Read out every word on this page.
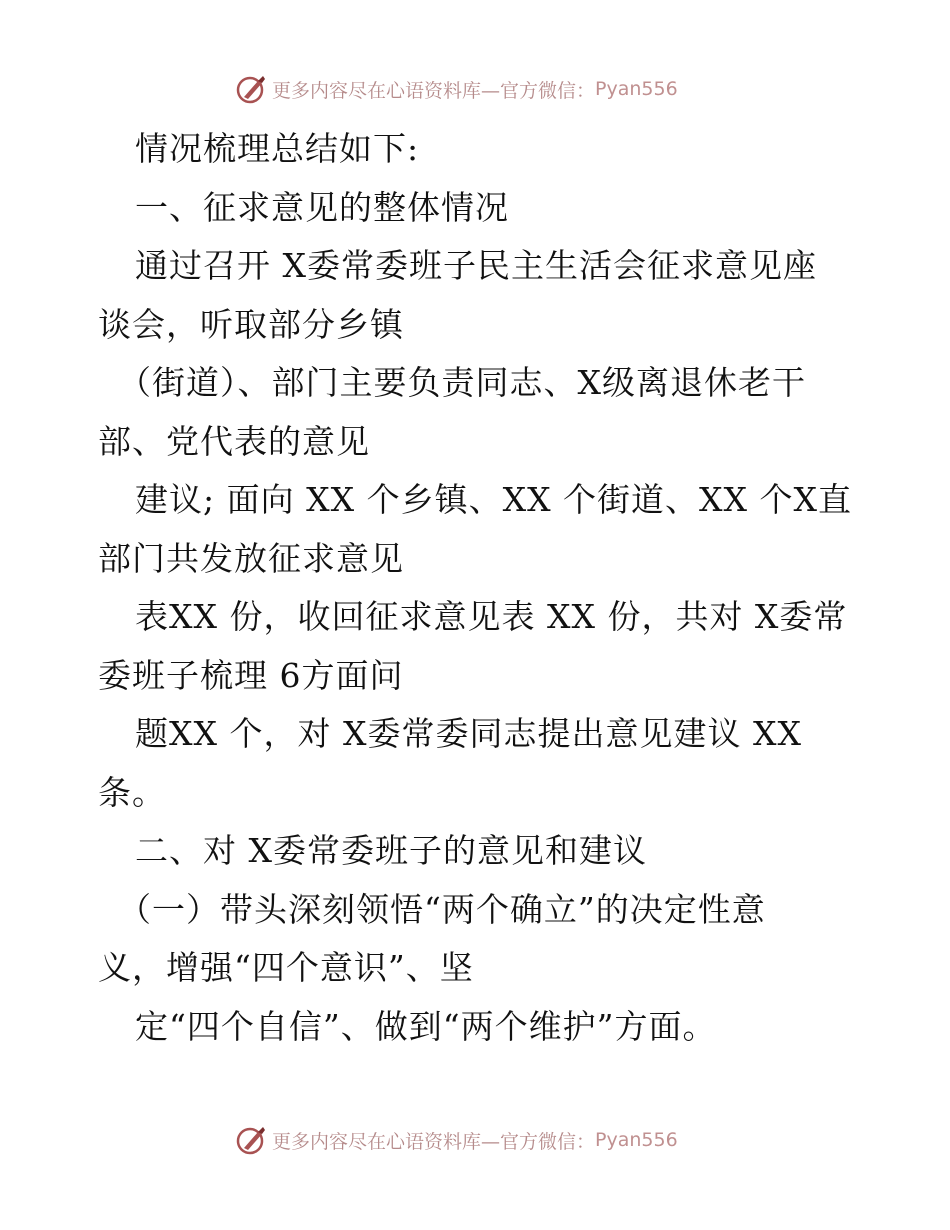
更多内容尽在心语资料库—官方微信： Pyan556
情况梳理总结如下:
一、征求意见的整体情况
通过召开 X委常委班子民主生活会征求意见座
谈会，听取部分乡镇
（街道）、部门主要负责同志、X级离退休老干
部、党代表的意见
建议; 面向 XX 个乡镇、XX 个街道、XX 个X直
部门共发放征求意见
表XX 份，收回征求意见表 XX 份，共对 X委常
委班子梳理 6方面问
题XX 个，对 X委常委同志提出意见建议 XX
条。
二、对 X委常委班子的意见和建议
（一）带头深刻领悟“两个确立”的决定性意
义，增强“四个意识”、坚
定“四个自信”、做到“两个维护”方面。
更多内容尽在心语资料库—官方微信： Pyan556
